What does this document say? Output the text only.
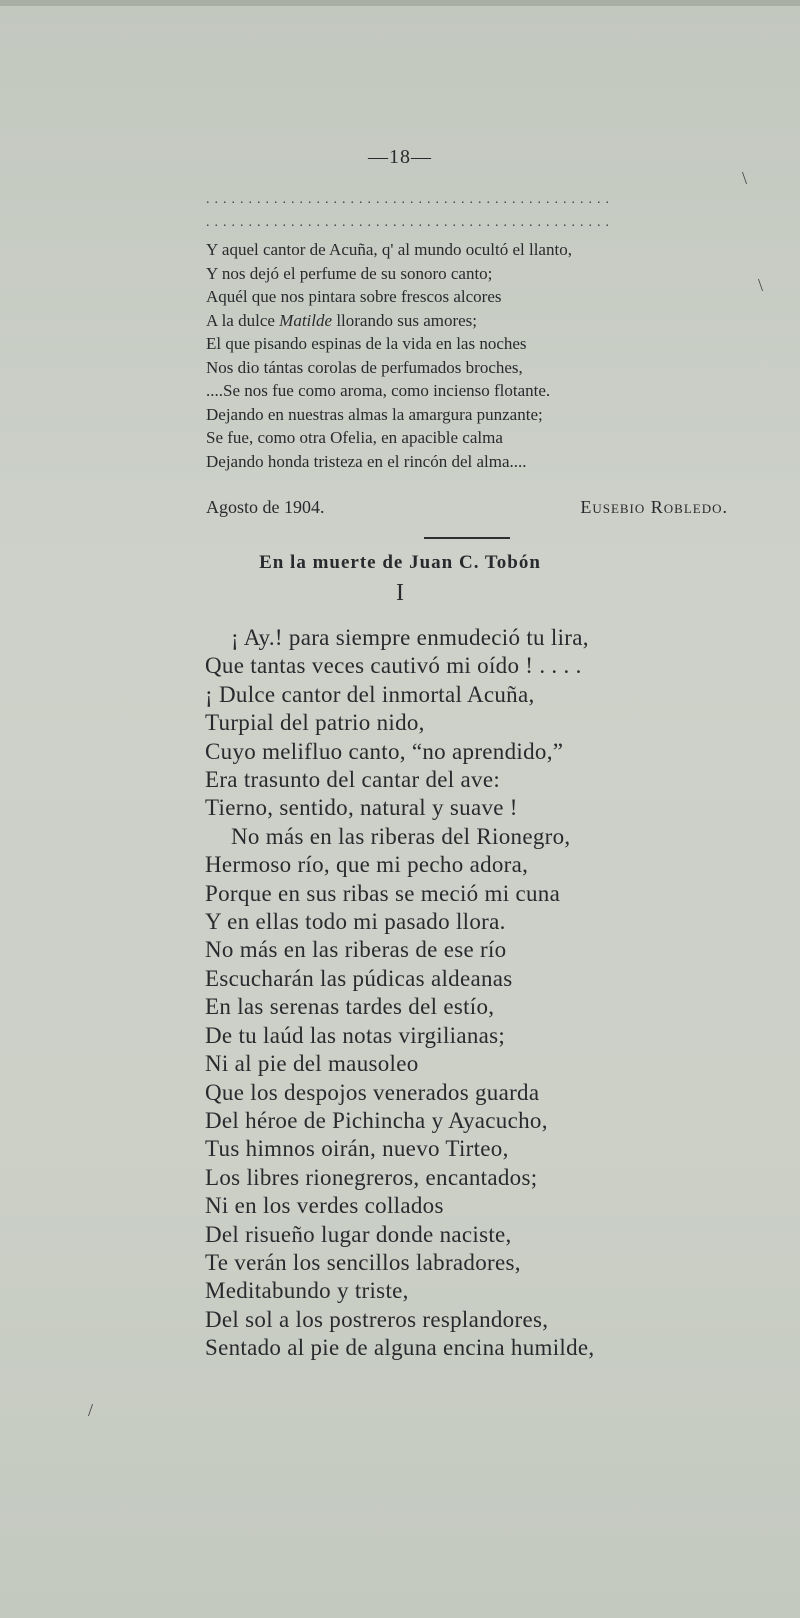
—18—
................................................
................................................
Y aquel cantor de Acuña, q' al mundo ocultó el llanto,
Y nos dejó el perfume de su sonoro canto;
Aquél que nos pintara sobre frescos alcores
A la dulce Matilde llorando sus amores;
El que pisando espinas de la vida en las noches
Nos dio tántas corolas de perfumados broches,
....Se nos fue como aroma, como incienso flotante.
Dejando en nuestras almas la amargura punzante;
Se fue, como otra Ofelia, en apacible calma
Dejando honda tristeza en el rincón del alma....
Agosto de 1904.	Eusebio Robledo.
En la muerte de Juan C. Tobón
I
¡ Ay.! para siempre enmudeció tu lira,
Que tantas veces cautivó mi oído ! . . . .
¡ Dulce cantor del inmortal Acuña,
Turpial del patrio nido,
Cuyo melifluo canto, “no aprendido,”
Era trasunto del cantar del ave:
Tierno, sentido, natural y suave !
No más en las riberas del Rionegro,
Hermoso río, que mi pecho adora,
Porque en sus ribas se meció mi cuna
Y en ellas todo mi pasado llora.
No más en las riberas de ese río
Escucharán las púdicas aldeanas
En las serenas tardes del estío,
De tu laúd las notas virgilianas;
Ni al pie del mausoleo
Que los despojos venerados guarda
Del héroe de Pichincha y Ayacucho,
Tus himnos oirán, nuevo Tirteo,
Los libres rionegreros, encantados;
Ni en los verdes collados
Del risueño lugar donde naciste,
Te verán los sencillos labradores,
Meditabundo y triste,
Del sol a los postreros resplandores,
Sentado al pie de alguna encina humilde,
\
\
/
